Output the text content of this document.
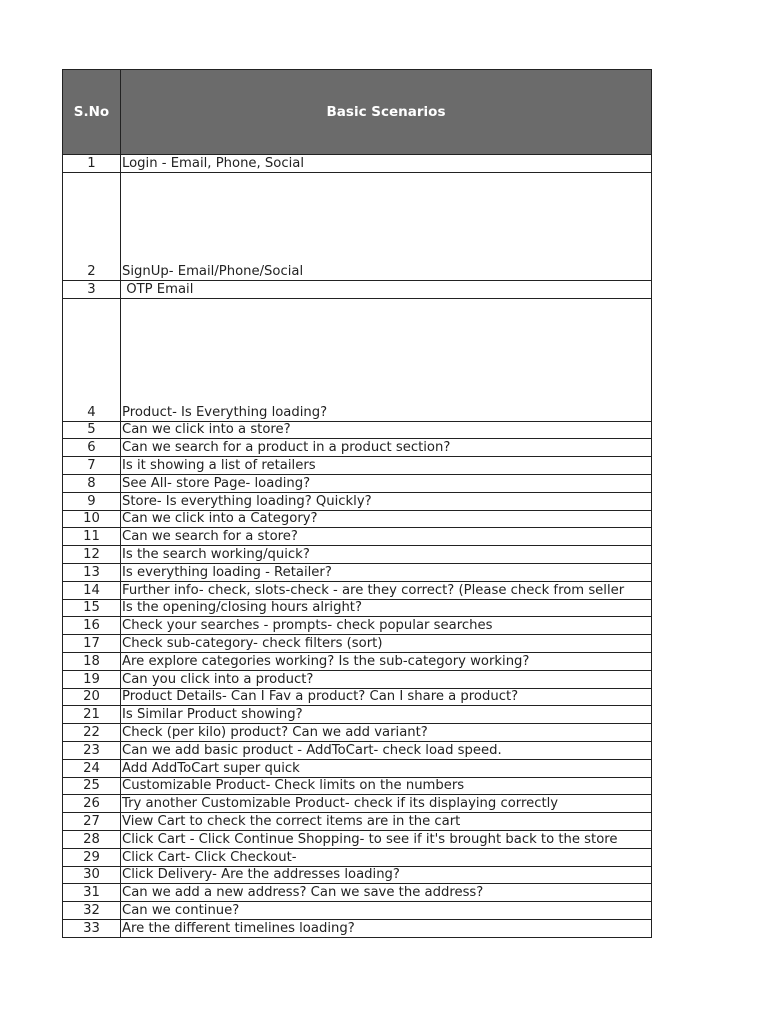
S.No	Basic Scenarios
1	Login - Email, Phone, Social
2	SignUp- Email/Phone/Social
3	OTP Email
4	Product- Is Everything loading?
5	Can we click into a store?
6	Can we search for a product in a product section?
7	Is it showing a list of retailers
8	See All- store Page- loading?
9	Store- Is everything loading? Quickly?
10	Can we click into a Category?
11	Can we search for a store?
12	Is the search working/quick?
13	Is everything loading - Retailer?
14	Further info- check, slots-check - are they correct? (Please check from seller
15	Is the opening/closing hours alright?
16	Check your searches - prompts- check popular searches
17	Check sub-category- check filters (sort)
18	Are explore categories working? Is the sub-category working?
19	Can you click into a product?
20	Product Details- Can I Fav a product? Can I share a product?
21	Is Similar Product showing?
22	Check (per kilo) product? Can we add variant?
23	Can we add basic product - AddToCart- check load speed.
24	Add AddToCart super quick
25	Customizable Product- Check limits on the numbers
26	Try another Customizable Product- check if its displaying correctly
27	View Cart to check the correct items are in the cart
28	Click Cart - Click Continue Shopping- to see if it's brought back to the store
29	Click Cart- Click Checkout-
30	Click Delivery- Are the addresses loading?
31	Can we add a new address? Can we save the address?
32	Can we continue?
33	Are the different timelines loading?
